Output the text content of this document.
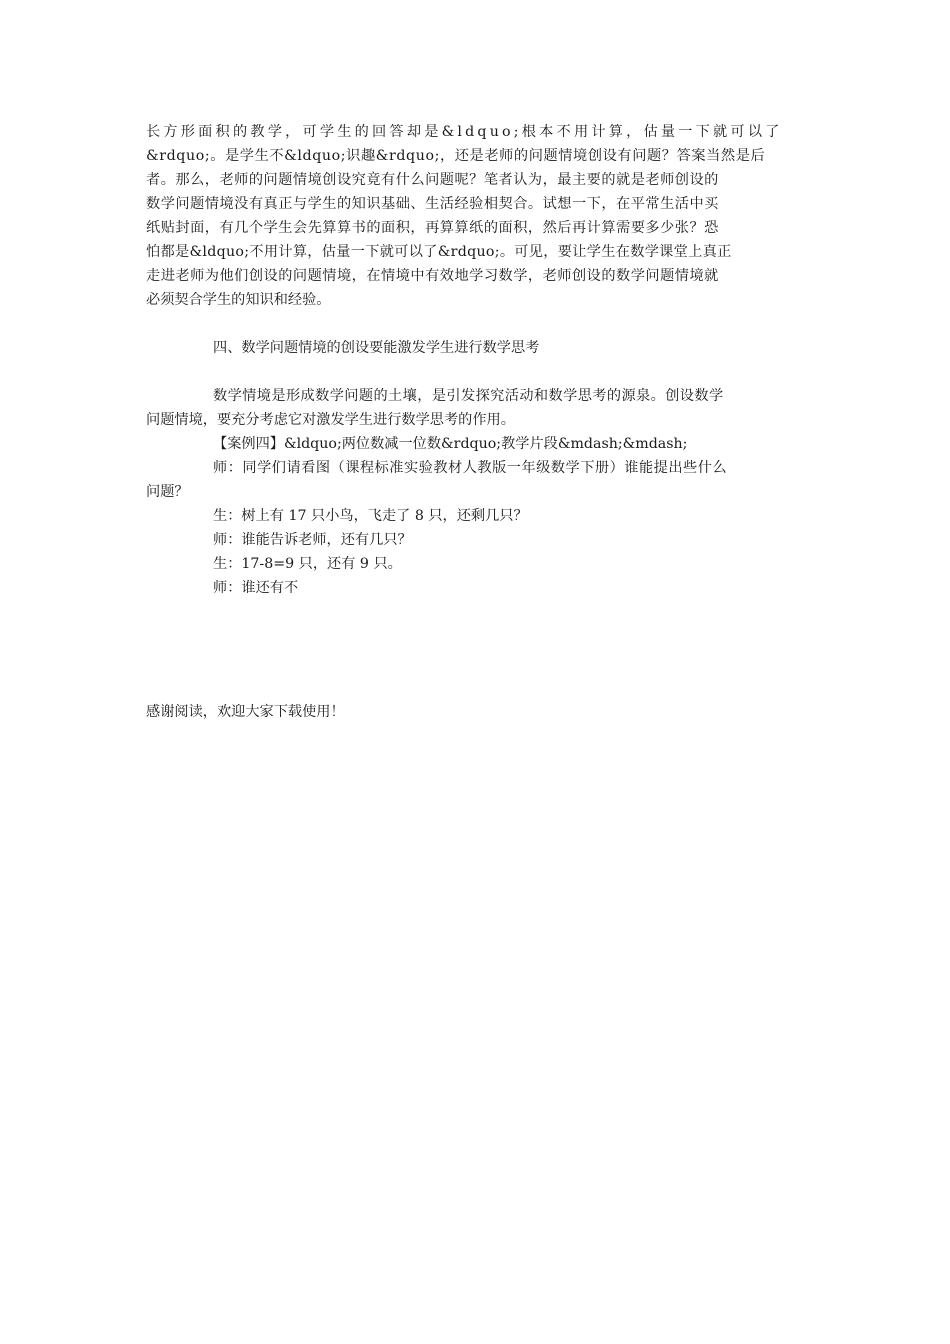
长方形面积的教学，可学生的回答却是&ldquo;根本不用计算，估量一下就可以了
&rdquo;。是学生不&ldquo;识趣&rdquo;，还是老师的问题情境创设有问题？答案当然是后
者。那么，老师的问题情境创设究竟有什么问题呢？笔者认为，最主要的就是老师创设的
数学问题情境没有真正与学生的知识基础、生活经验相契合。试想一下，在平常生活中买
纸贴封面，有几个学生会先算算书的面积，再算算纸的面积，然后再计算需要多少张？恐
怕都是&ldquo;不用计算，估量一下就可以了&rdquo;。可见，要让学生在数学课堂上真正
走进老师为他们创设的问题情境，在情境中有效地学习数学，老师创设的数学问题情境就
必须契合学生的知识和经验。
四、数学问题情境的创设要能激发学生进行数学思考
数学情境是形成数学问题的土壤，是引发探究活动和数学思考的源泉。创设数学
问题情境，要充分考虑它对激发学生进行数学思考的作用。
【案例四】&ldquo;两位数减一位数&rdquo;教学片段&mdash;&mdash;
师：同学们请看图（课程标准实验教材人教版一年级数学下册）谁能提出些什么
问题？
生：树上有 17 只小鸟，飞走了 8 只，还剩几只？
师：谁能告诉老师，还有几只？
生：17-8=9 只，还有 9 只。
师：谁还有不
感谢阅读，欢迎大家下载使用！
